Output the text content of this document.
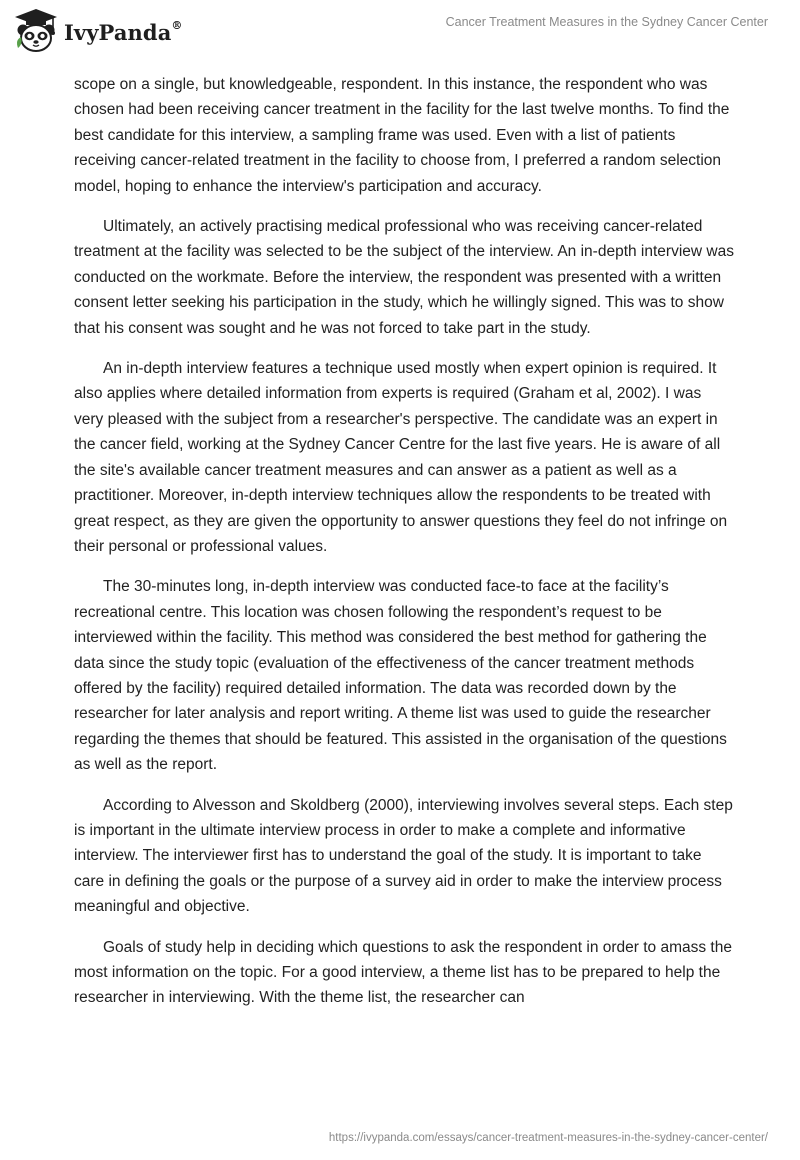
IvyPanda®	Cancer Treatment Measures in the Sydney Cancer Center

scope on a single, but knowledgeable, respondent. In this instance, the respondent who was chosen had been receiving cancer treatment in the facility for the last twelve months. To find the best candidate for this interview, a sampling frame was used. Even with a list of patients receiving cancer-related treatment in the facility to choose from, I preferred a random selection model, hoping to enhance the interview's participation and accuracy.

Ultimately, an actively practising medical professional who was receiving cancer-related treatment at the facility was selected to be the subject of the interview. An in-depth interview was conducted on the workmate. Before the interview, the respondent was presented with a written consent letter seeking his participation in the study, which he willingly signed. This was to show that his consent was sought and he was not forced to take part in the study.

An in-depth interview features a technique used mostly when expert opinion is required. It also applies where detailed information from experts is required (Graham et al, 2002). I was very pleased with the subject from a researcher's perspective. The candidate was an expert in the cancer field, working at the Sydney Cancer Centre for the last five years. He is aware of all the site's available cancer treatment measures and can answer as a patient as well as a practitioner. Moreover, in-depth interview techniques allow the respondents to be treated with great respect, as they are given the opportunity to answer questions they feel do not infringe on their personal or professional values.

The 30-minutes long, in-depth interview was conducted face-to face at the facility’s recreational centre. This location was chosen following the respondent’s request to be interviewed within the facility. This method was considered the best method for gathering the data since the study topic (evaluation of the effectiveness of the cancer treatment methods offered by the facility) required detailed information. The data was recorded down by the researcher for later analysis and report writing. A theme list was used to guide the researcher regarding the themes that should be featured. This assisted in the organisation of the questions as well as the report.

According to Alvesson and Skoldberg (2000), interviewing involves several steps. Each step is important in the ultimate interview process in order to make a complete and informative interview. The interviewer first has to understand the goal of the study. It is important to take care in defining the goals or the purpose of a survey aid in order to make the interview process meaningful and objective.

Goals of study help in deciding which questions to ask the respondent in order to amass the most information on the topic. For a good interview, a theme list has to be prepared to help the researcher in interviewing. With the theme list, the researcher can

https://ivypanda.com/essays/cancer-treatment-measures-in-the-sydney-cancer-center/
